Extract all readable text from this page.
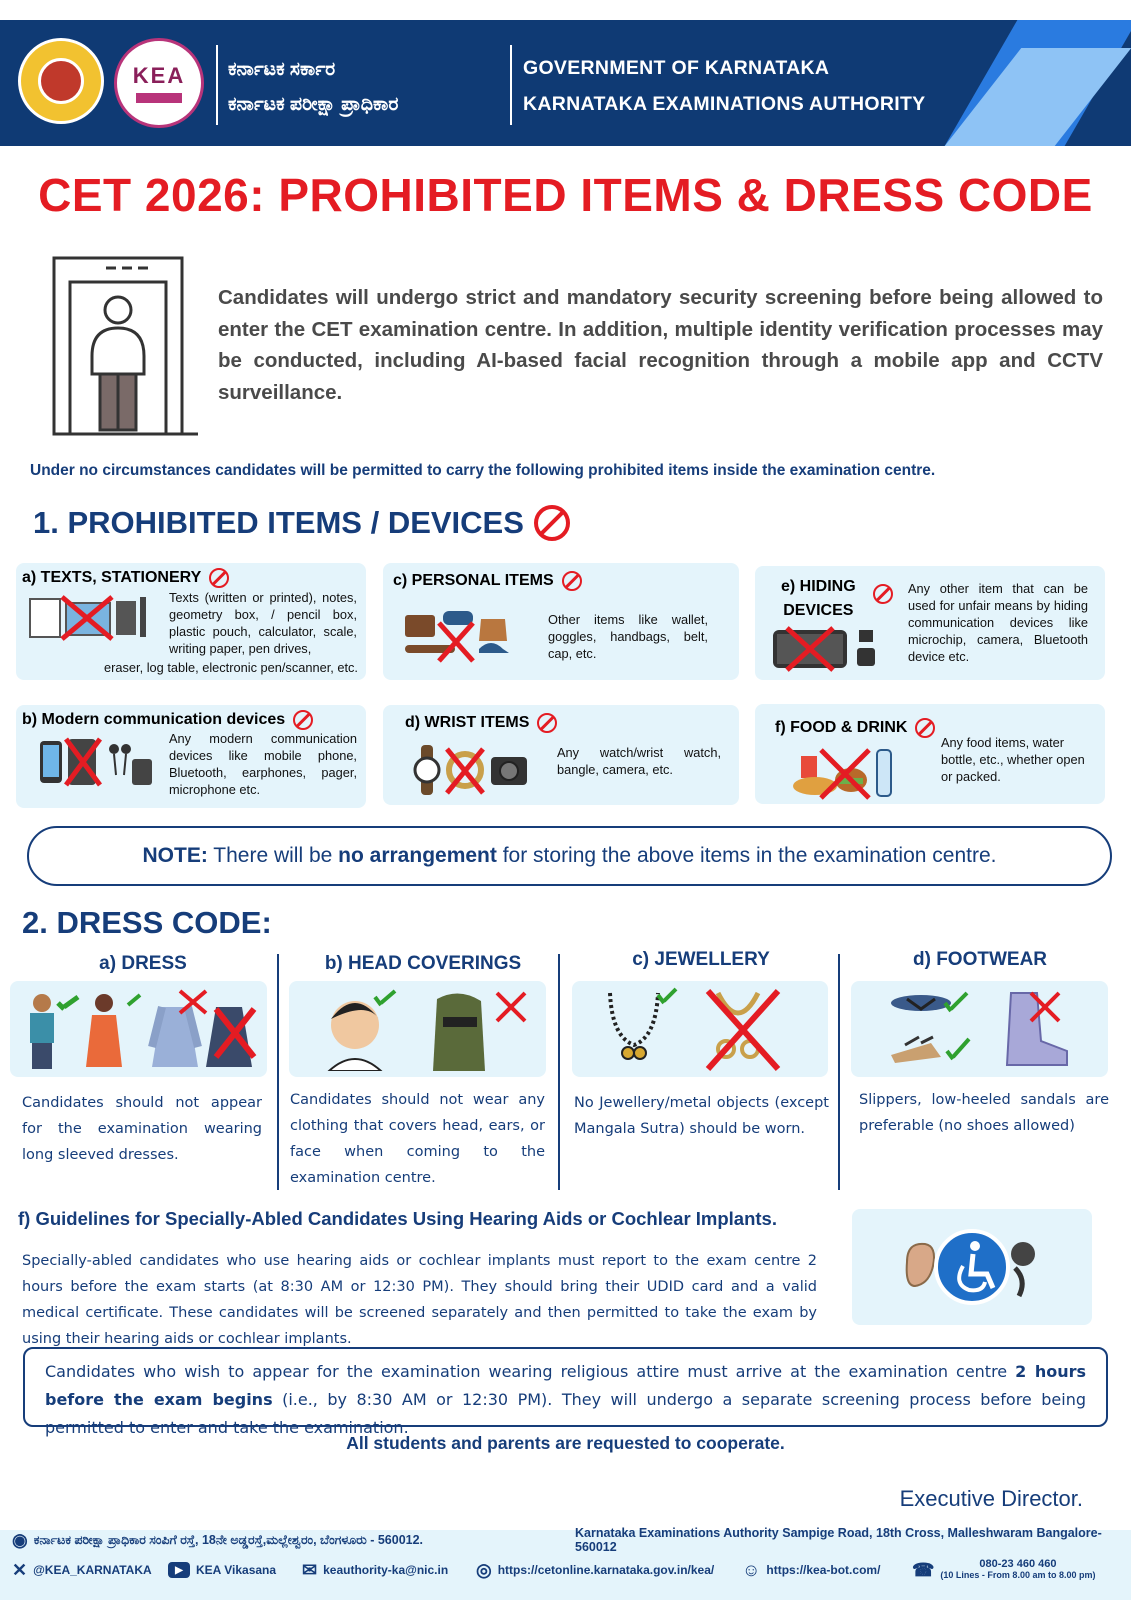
KEA ಕರ್ನಾಟಕ ಸರ್ಕಾರ
ಕರ್ನಾಟಕ ಪರೀಕ್ಷಾ ಪ್ರಾಧಿಕಾರ
GOVERNMENT OF KARNATAKA
KARNATAKA EXAMINATIONS AUTHORITY
CET 2026: PROHIBITED ITEMS & DRESS CODE
Candidates will undergo strict and mandatory security screening before being allowed to enter the CET examination centre. In addition, multiple identity verification processes may be conducted, including AI-based facial recognition through a mobile app and CCTV surveillance.
Under no circumstances candidates will be permitted to carry the following prohibited items inside the examination centre.
1. PROHIBITED ITEMS / DEVICES
a) TEXTS, STATIONERY
Texts (written or printed), notes, geometry box, / pencil box, plastic pouch, calculator, scale, writing paper, pen drives,
eraser, log table, electronic pen/scanner, etc.
b) Modern communication devices
Any modern communication devices like mobile phone, Bluetooth, earphones, pager, microphone etc.
c) PERSONAL ITEMS
Other items like wallet, goggles, handbags, belt, cap, etc.
d) WRIST ITEMS
Any watch/wrist watch, bangle, camera, etc.
e) HIDING
DEVICES
Any other item that can be used for unfair means by hiding communication devices like microchip, camera, Bluetooth device etc.
f) FOOD & DRINK
Any food items, water bottle, etc., whether open or packed.
NOTE: There will be no arrangement for storing the above items in the examination centre.
2. DRESS CODE:
a) DRESS	b) HEAD COVERINGS	c) JEWELLERY	d) FOOTWEAR
Candidates should not appear for the examination wearing long sleeved dresses.
Candidates should not wear any clothing that covers head, ears, or face when coming to the examination centre.
No Jewellery/metal objects (except Mangala Sutra) should be worn.
Slippers, low-heeled sandals are preferable (no shoes allowed)
f) Guidelines for Specially-Abled Candidates Using Hearing Aids or Cochlear Implants.
Specially-abled candidates who use hearing aids or cochlear implants must report to the exam centre 2 hours before the exam starts (at 8:30 AM or 12:30 PM). They should bring their UDID card and a valid medical certificate. These candidates will be screened separately and then permitted to take the exam by using their hearing aids or cochlear implants.
Candidates who wish to appear for the examination wearing religious attire must arrive at the examination centre 2 hours before the exam begins (i.e., by 8:30 AM or 12:30 PM). They will undergo a separate screening process before being permitted to enter and take the examination.
All students and parents are requested to cooperate.
Executive Director.
◉ ಕರ್ನಾಟಕ ಪರೀಕ್ಷಾ ಪ್ರಾಧಿಕಾರ ಸಂಪಿಗೆ ರಸ್ತೆ, 18ನೇ ಅಡ್ಡರಸ್ತೆ,ಮಲ್ಲೇಶ್ವರಂ, ಬೆಂಗಳೂರು - 560012.	Karnataka Examinations Authority Sampige Road, 18th Cross, Malleshwaram Bangalore-560012
✕ @KEA_KARNATAKA	▶	KEA Vikasana ✉ keauthority-ka@nic.in ◎ https://cetonline.karnataka.gov.in/kea/ ☺ https://kea-bot.com/ ☎	080-23 460 460
(10 Lines - From 8.00 am to 8.00 pm)
